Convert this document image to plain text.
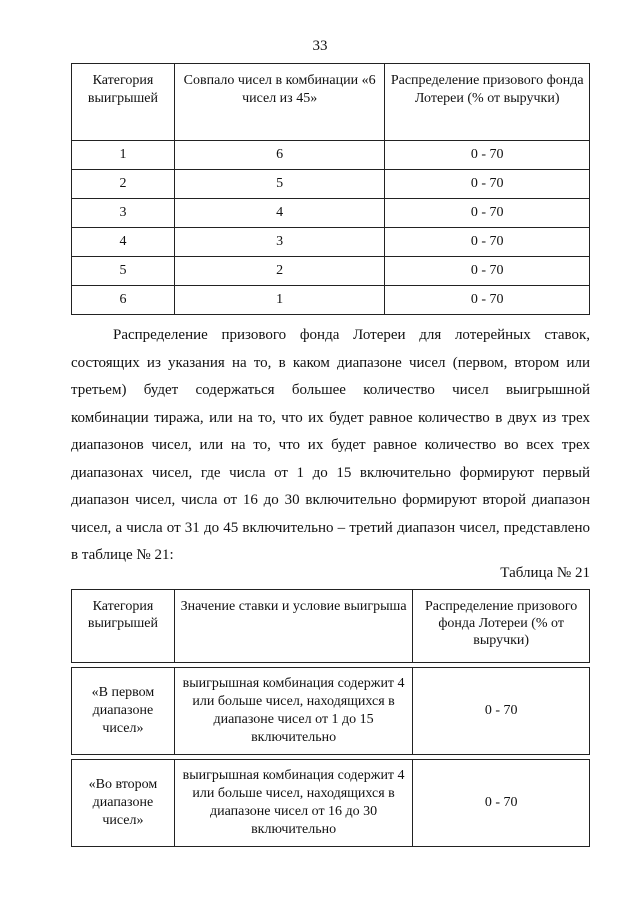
33
Категория выигрышей	Совпало чисел в комбинации «6 чисел из 45»	Распределение призового фонда Лотереи (% от выручки)
1	6	0 - 70
2	5	0 - 70
3	4	0 - 70
4	3	0 - 70
5	2	0 - 70
6	1	0 - 70

Распределение призового фонда Лотереи для лотерейных ставок, состоящих из указания на то, в каком диапазоне чисел (первом, втором или третьем) будет содержаться большее количество чисел выигрышной комбинации тиража, или на то, что их будет равное количество в двух из трех диапазонов чисел, или на то, что их будет равное количество во всех трех диапазонах чисел, где числа от 1 до 15 включительно формируют первый диапазон чисел, числа от 16 до 30 включительно формируют второй диапазон чисел, а числа от 31 до 45 включительно – третий диапазон чисел, представлено в таблице № 21:

Таблица № 21
Категория выигрышей	Значение ставки и условие выигрыша	Распределение призового фонда Лотереи (% от выручки)

«В первом диапазоне чисел»	выигрышная комбинация содержит 4 или больше чисел, находящихся в диапазоне чисел от 1 до 15 включительно	0 - 70

«Во втором диапазоне чисел»	выигрышная комбинация содержит 4 или больше чисел, находящихся в диапазоне чисел от 16 до 30 включительно	0 - 70
